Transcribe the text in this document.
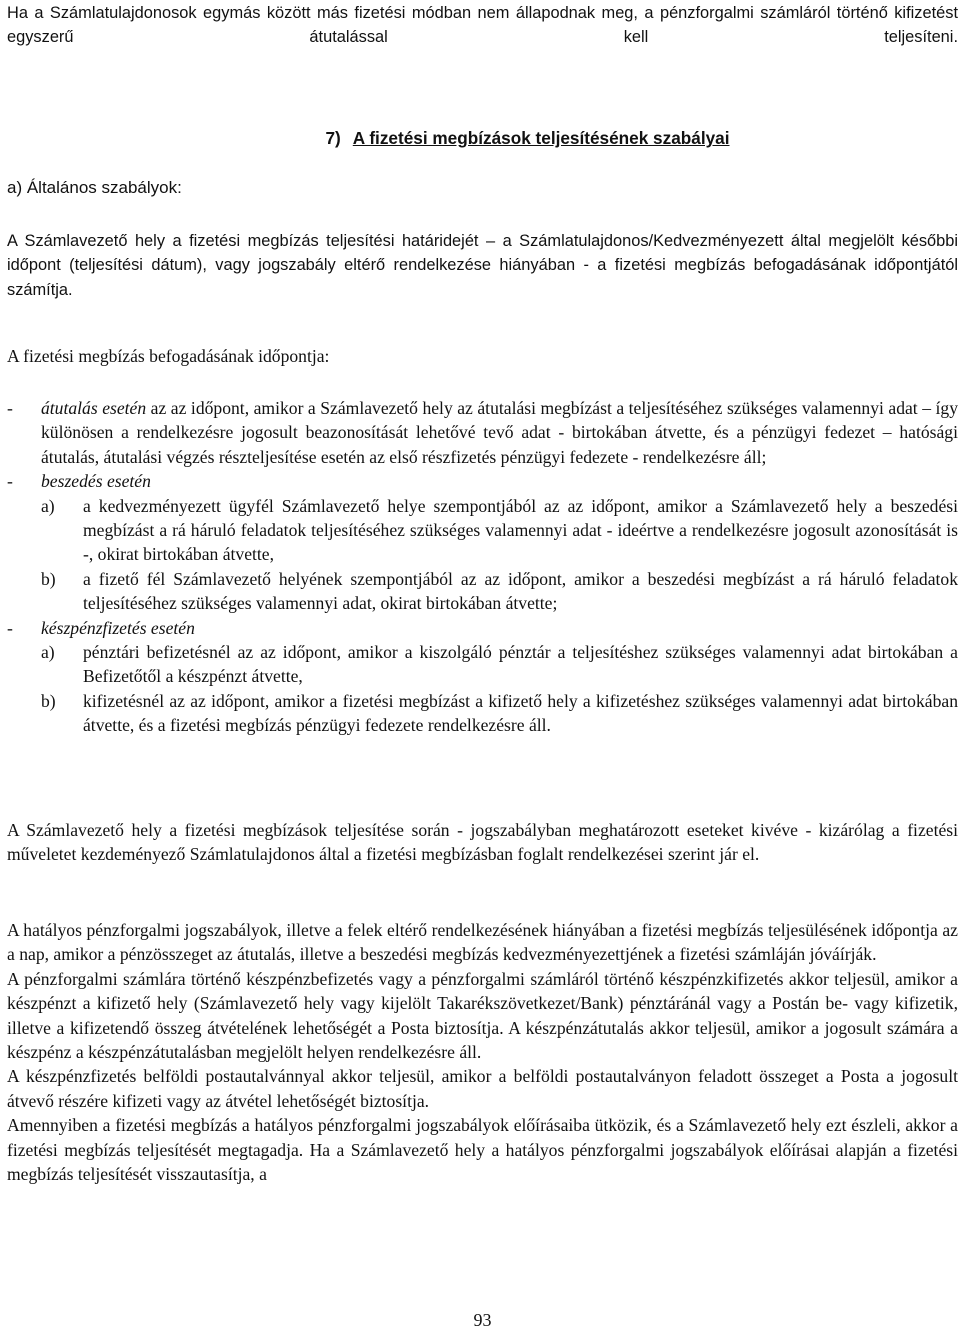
Ha a Számlatulajdonosok egymás között más fizetési módban nem állapodnak meg, a pénzforgalmi számláról történő kifizetést egyszerű átutalással kell teljesíteni.

7) A fizetési megbízások teljesítésének szabályai
a) Általános szabályok:

A Számlavezető hely a fizetési megbízás teljesítési határidejét ‒ a Számlatulajdonos/Kedvezményezett által megjelölt későbbi időpont (teljesítési dátum), vagy jogszabály eltérő rendelkezése hiányában - a fizetési megbízás befogadásának időpontjától számítja.

A fizetési megbízás befogadásának időpontja:

-	átutalás esetén az az időpont, amikor a Számlavezető hely az átutalási megbízást a teljesítéséhez szükséges valamennyi adat ‒ így különösen a rendelkezésre jogosult beazonosítását lehetővé tevő adat - birtokában átvette, és a pénzügyi fedezet ‒ hatósági átutalás, átutalási végzés részteljesítése esetén az első részfizetés pénzügyi fedezete - rendelkezésre áll;
-	beszedés esetén
a)	a kedvezményezett ügyfél Számlavezető helye szempontjából az az időpont, amikor a Számlavezető hely a beszedési megbízást a rá háruló feladatok teljesítéséhez szükséges valamennyi adat - ideértve a rendelkezésre jogosult azonosítását is -, okirat birtokában átvette,
b)	a fizető fél Számlavezető helyének szempontjából az az időpont, amikor a beszedési megbízást a rá háruló feladatok teljesítéséhez szükséges valamennyi adat, okirat birtokában átvette;
-	készpénzfizetés esetén
a)	pénztári befizetésnél az az időpont, amikor a kiszolgáló pénztár a teljesítéshez szükséges valamennyi adat birtokában a Befizetőtől a készpénzt átvette,
b)	kifizetésnél az az időpont, amikor a fizetési megbízást a kifizető hely a kifizetéshez szükséges valamennyi adat birtokában átvette, és a fizetési megbízás pénzügyi fedezete rendelkezésre áll.

A Számlavezető hely a fizetési megbízások teljesítése során - jogszabályban meghatározott eseteket kivéve - kizárólag a fizetési műveletet kezdeményező Számlatulajdonos által a fizetési megbízásban foglalt rendelkezései szerint jár el.

A hatályos pénzforgalmi jogszabályok, illetve a felek eltérő rendelkezésének hiányában a fizetési megbízás teljesülésének időpontja az a nap, amikor a pénzösszeget az átutalás, illetve a beszedési megbízás kedvezményezettjének a fizetési számláján jóváírják.

A pénzforgalmi számlára történő készpénzbefizetés vagy a pénzforgalmi számláról történő készpénzkifizetés akkor teljesül, amikor a készpénzt a kifizető hely (Számlavezető hely vagy kijelölt Takarékszövetkezet/Bank) pénztáránál vagy a Postán be- vagy kifizetik, illetve a kifizetendő összeg átvételének lehetőségét a Posta biztosítja. A készpénzátutalás akkor teljesül, amikor a jogosult számára a készpénz a készpénzátutalásban megjelölt helyen rendelkezésre áll.

A készpénzfizetés belföldi postautalvánnyal akkor teljesül, amikor a belföldi postautalványon feladott összeget a Posta a jogosult átvevő részére kifizeti vagy az átvétel lehetőségét biztosítja.

Amennyiben a fizetési megbízás a hatályos pénzforgalmi jogszabályok előírásaiba ütközik, és a Számlavezető hely ezt észleli, akkor a fizetési megbízás teljesítését megtagadja. Ha a Számlavezető hely a hatályos pénzforgalmi jogszabályok előírásai alapján a fizetési megbízás teljesítését visszautasítja, a

93
